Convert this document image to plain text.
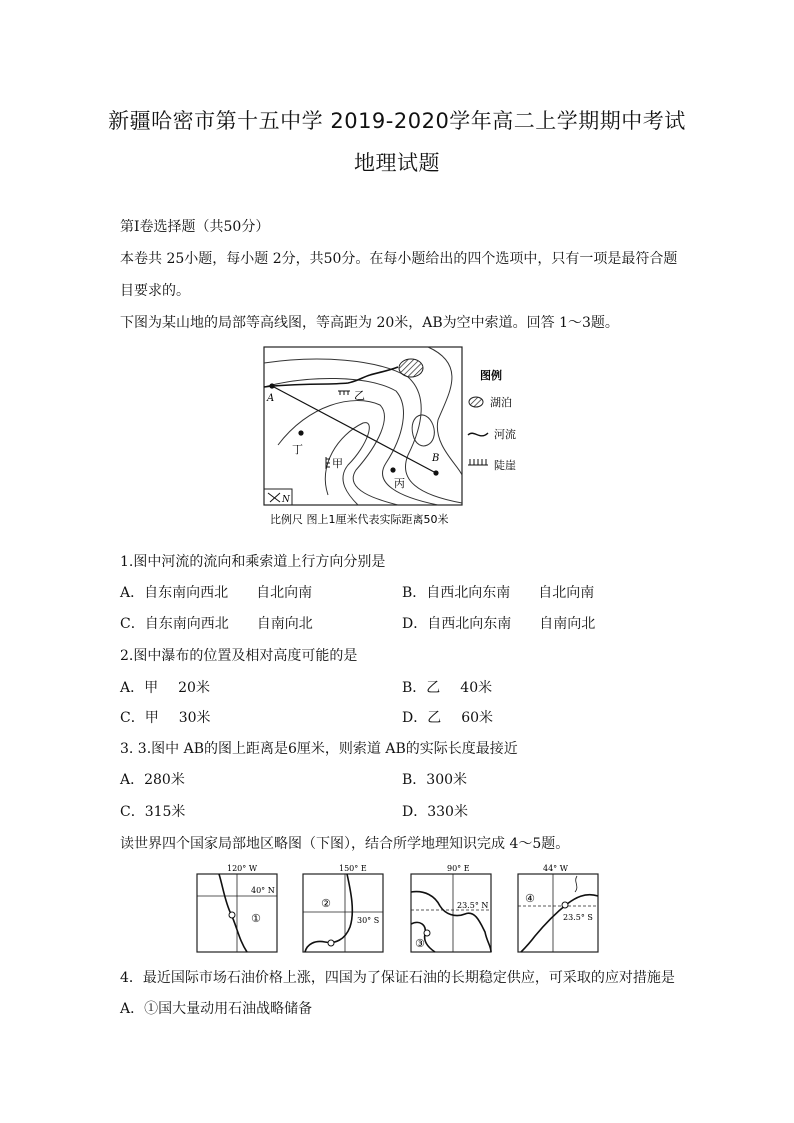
新疆哈密市第十五中学 2019-2020学年高二上学期期中考试
地理试题
第Ⅰ卷选择题（共50分）
本卷共 25小题，每小题 2分，共50分。在每小题给出的四个选项中，只有一项是最符合题
目要求的。
下图为某山地的局部等高线图，等高距为 20米，AB为空中索道。回答 1～3题。
A
B
乙
甲
丙
丁
N
图例
湖泊
河流
陡崖
比例尺 图上1厘米代表实际距离50米
1.图中河流的流向和乘索道上行方向分别是
A．自东南向西北 自北向南	B．自西北向东南 自北向南
C．自东南向西北 自南向北	D．自西北向东南 自南向北
2.图中瀑布的位置及相对高度可能的是
A．甲 20米	B．乙 40米
C．甲 30米	D．乙 60米
3. 3.图中 AB的图上距离是6厘米，则索道 AB的实际长度最接近
A．280米	B．300米
C．315米	D．330米
读世界四个国家局部地区略图（下图），结合所学地理知识完成 4～5题。
120° W
40° N
①
150° E
30° S
②
90° E
23.5° N
③
44° W
23.5° S
④
4．最近国际市场石油价格上涨，四国为了保证石油的长期稳定供应，可采取的应对措施是
A．①国大量动用石油战略储备
